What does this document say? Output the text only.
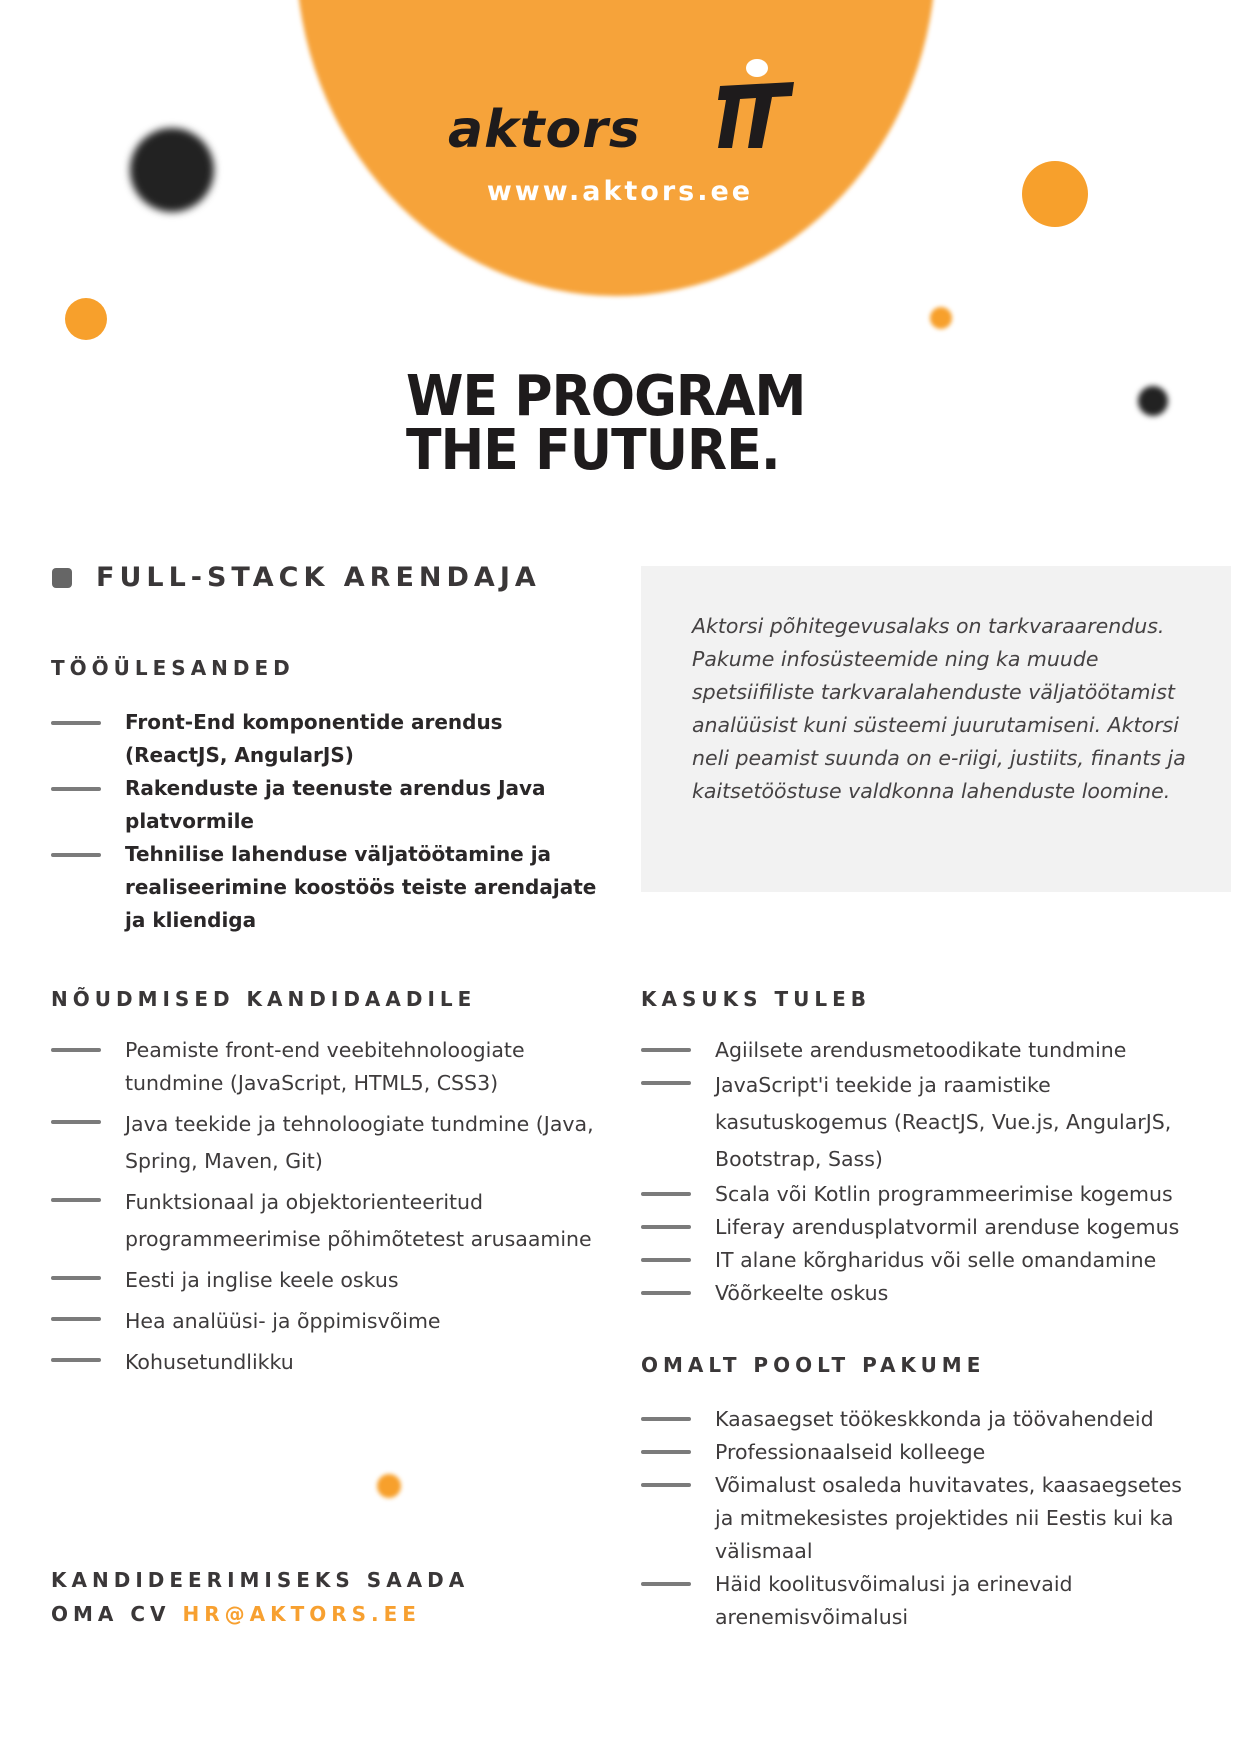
aktors
www.aktors.ee
WE PROGRAM
THE FUTURE.
FULL-STACK ARENDAJA
Aktorsi põhitegevusalaks on tarkvaraarendus. Pakume infosüsteemide ning ka muude spetsiifiliste tarkvaralahenduste väljatöötamist analüüsist kuni süsteemi juurutamiseni. Aktorsi neli peamist suunda on e-riigi, justiits, finants ja kaitsetööstuse valdkonna lahenduste loomine.
TÖÖÜLESANDED
Front-End komponentide arendus (ReactJS, AngularJS)
Rakenduste ja teenuste arendus Java platvormile
Tehnilise lahenduse väljatöötamine ja realiseerimine koostöös teiste arendajate ja kliendiga
NÕUDMISED KANDIDAADILE
Peamiste front-end veebitehnoloogiate tundmine (JavaScript, HTML5, CSS3)
Java teekide ja tehnoloogiate tundmine (Java, Spring, Maven, Git)
Funktsionaal ja objektorienteeritud programmeerimise põhimõtetest arusaamine
Eesti ja inglise keele oskus
Hea analüüsi- ja õppimisvõime
Kohusetundlikku
KASUKS TULEB
Agiilsete arendusmetoodikate tundmine
JavaScript'i teekide ja raamistike kasutuskogemus (ReactJS, Vue.js, AngularJS, Bootstrap, Sass)
Scala või Kotlin programmeerimise kogemus
Liferay arendusplatvormil arenduse kogemus
IT alane kõrgharidus või selle omandamine
Võõrkeelte oskus
OMALT POOLT PAKUME
Kaasaegset töökeskkonda ja töövahendeid
Professionaalseid kolleege
Võimalust osaleda huvitavates, kaasaegsetes ja mitmekesistes projektides nii Eestis kui ka välismaal
Häid koolitusvõimalusi ja erinevaid arenemisvõimalusi
KANDIDEERIMISEKS SAADA
OMA CV HR@AKTORS.EE
